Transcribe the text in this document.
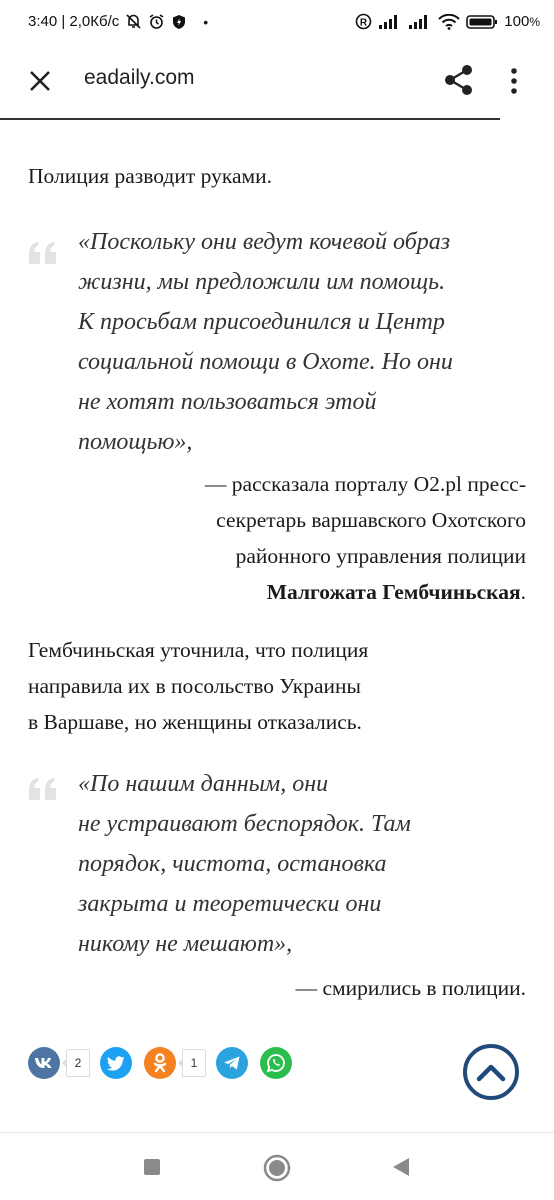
3:40 | 2,0Кб/с	•	R	100%
eadaily.com
Полиция разводит руками.
«Поскольку они ведут кочевой образ
жизни, мы предложили им помощь.
К просьбам присоединился и Центр
социальной помощи в Охоте. Но они
не хотят пользоваться этой
помощью»,
— рассказала порталу O2.pl пресс-
секретарь варшавского Охотского
районного управления полиции
Малгожата Гембчиньская.
Гембчиньская уточнила, что полиция
направила их в посольство Украины
в Варшаве, но женщины отказались.
«По нашим данным, они
не устраивают беспорядок. Там
порядок, чистота, остановка
закрыта и теоретически они
никому не мешают»,
— смирились в полиции.
2	1
